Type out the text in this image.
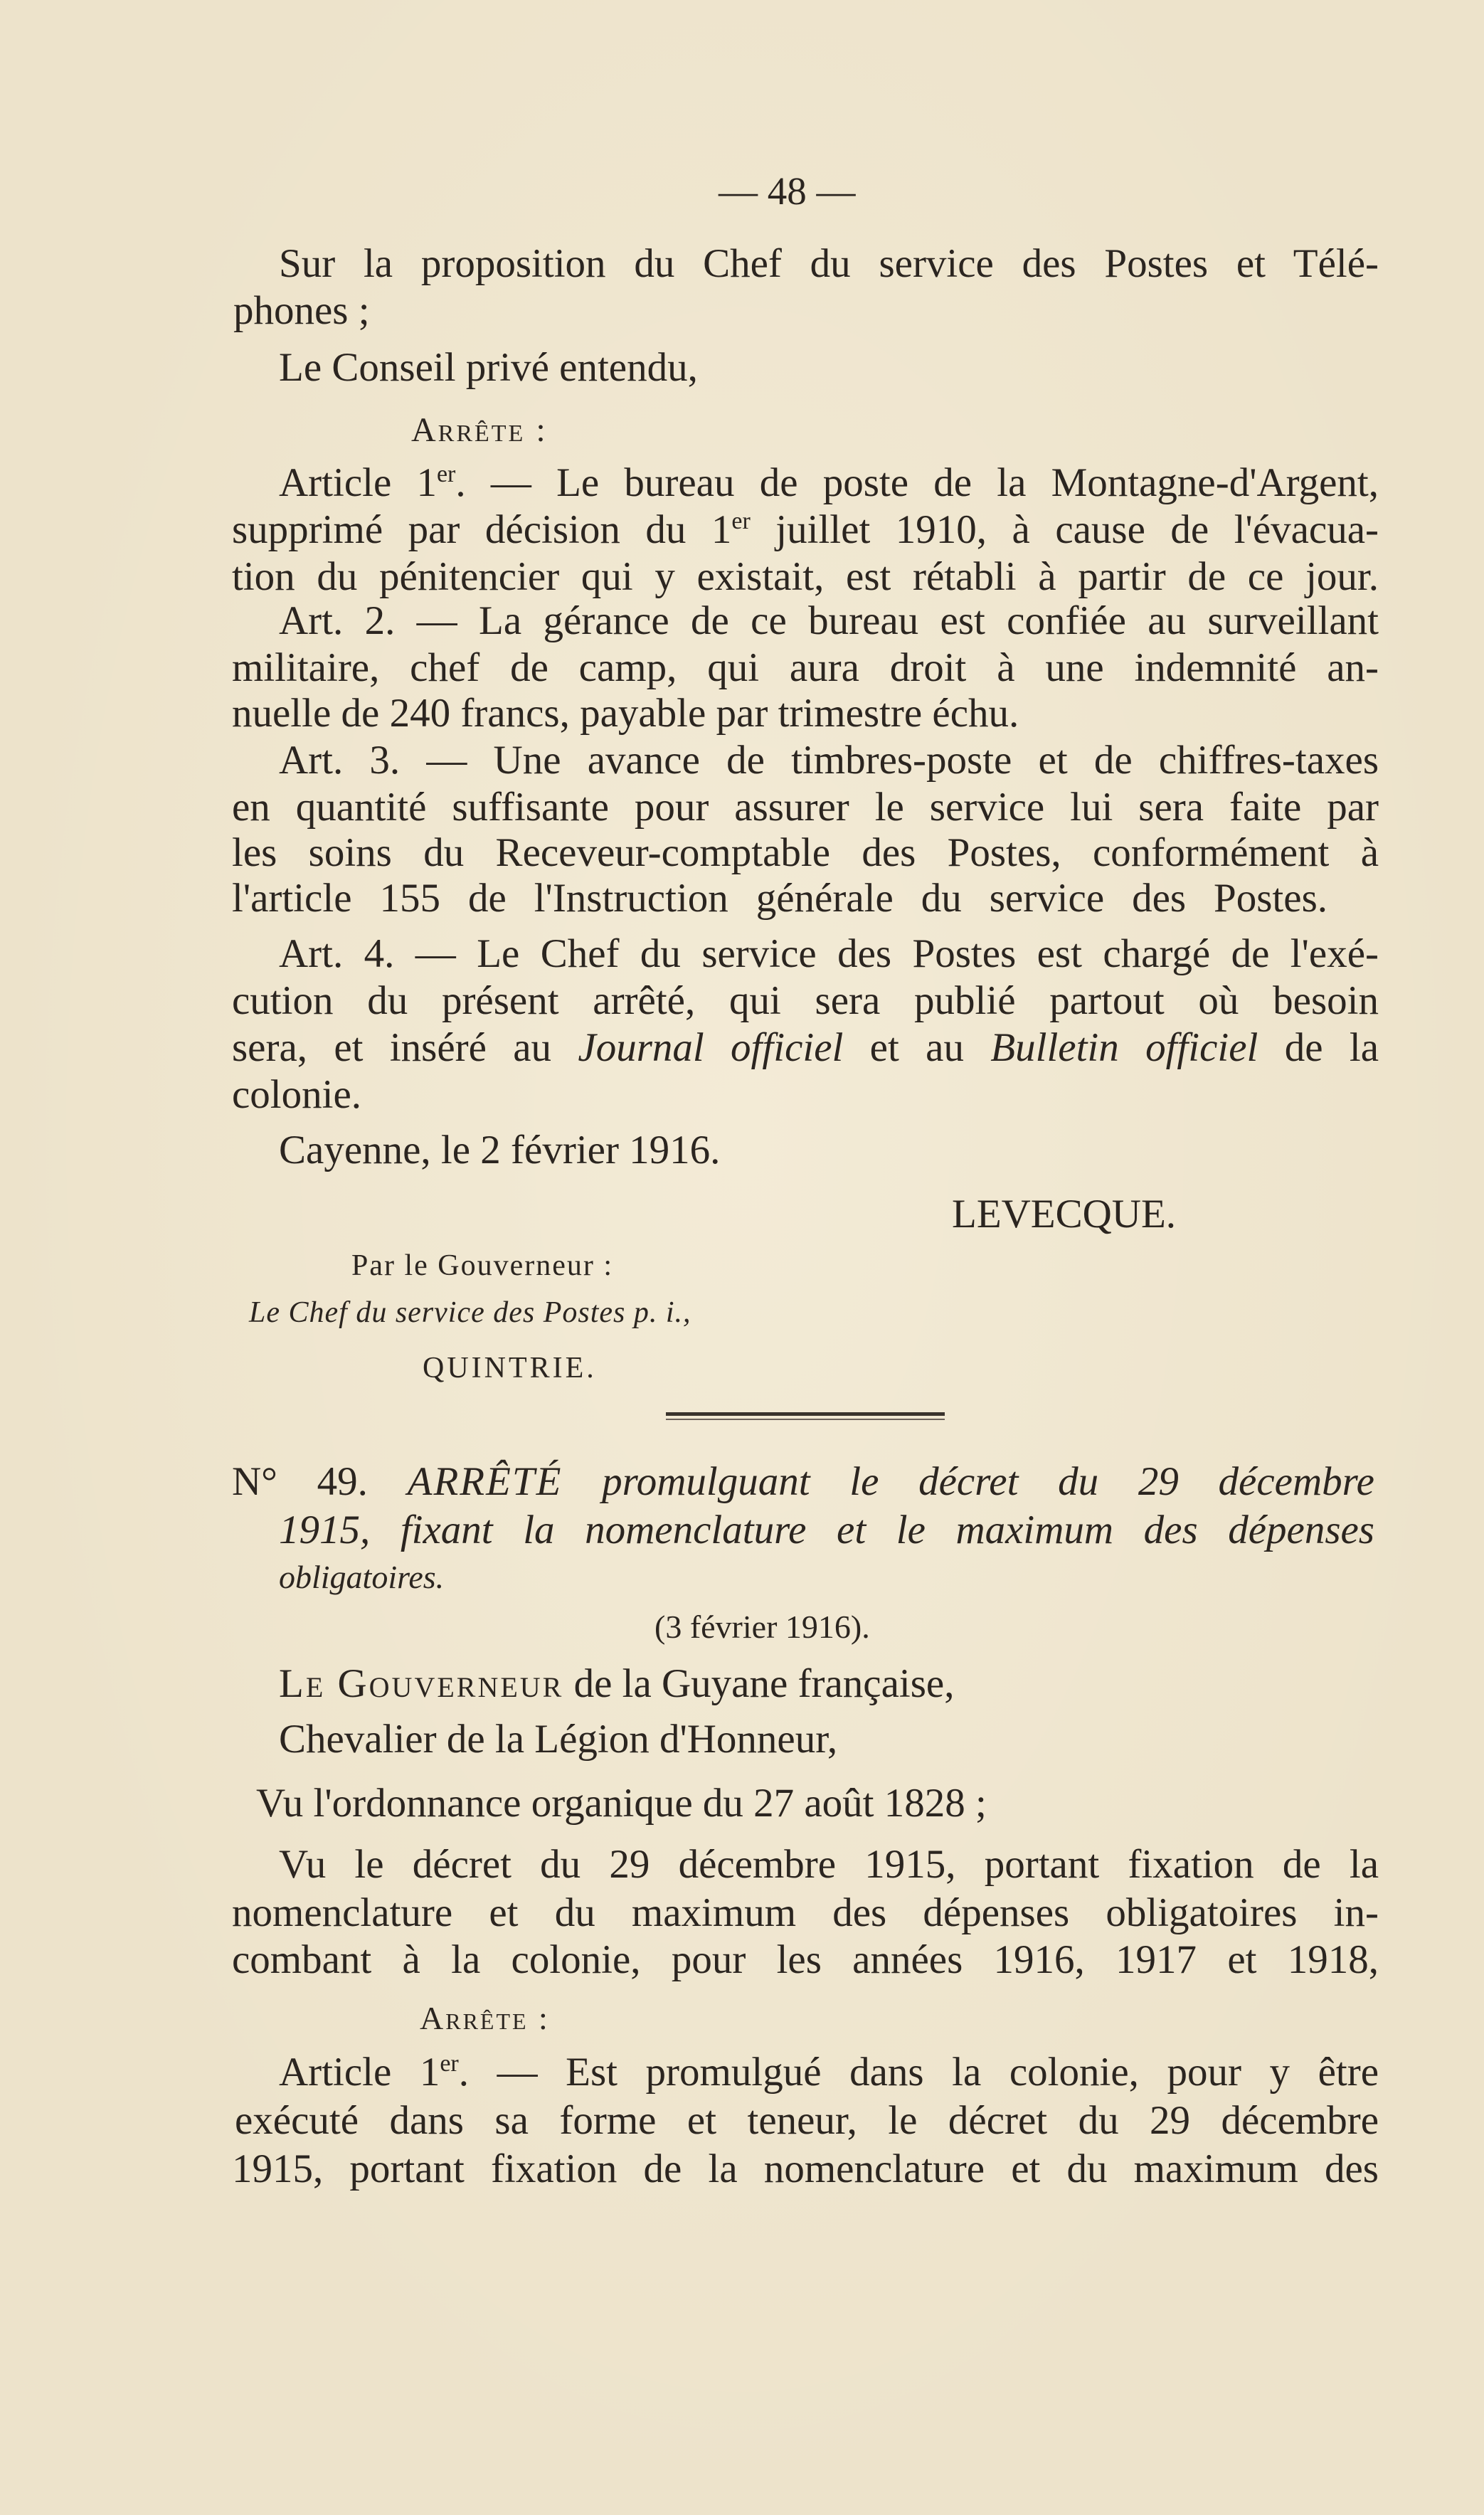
— 48 —
Sur la proposition du Chef du service des Postes et Télé-
phones ;
Le Conseil privé entendu,
Arrête :
Article 1er. — Le bureau de poste de la Montagne-d'Argent,
supprimé par décision du 1er juillet 1910, à cause de l'évacua-
tion du pénitencier qui y existait, est rétabli à partir de ce jour.
Art. 2. — La gérance de ce bureau est confiée au surveillant
militaire, chef de camp, qui aura droit à une indemnité an-
nuelle de 240 francs, payable par trimestre échu.
Art. 3. — Une avance de timbres-poste et de chiffres-taxes
en quantité suffisante pour assurer le service lui sera faite par
les soins du Receveur-comptable des Postes, conformément à
l'article 155 de l'Instruction générale du service des Postes.
Art. 4. — Le Chef du service des Postes est chargé de l'exé-
cution du présent arrêté, qui sera publié partout où besoin
sera, et inséré au Journal officiel et au Bulletin officiel de la
colonie.
Cayenne, le 2 février 1916.
LEVECQUE.
Par le Gouverneur :
Le Chef du service des Postes p. i.,
QUINTRIE.
N° 49. ARRÊTÉ promulguant le décret du 29 décembre
1915, fixant la nomenclature et le maximum des dépenses
obligatoires.
(3 février 1916).
Le Gouverneur de la Guyane française,
Chevalier de la Légion d'Honneur,
Vu l'ordonnance organique du 27 août 1828 ;
Vu le décret du 29 décembre 1915, portant fixation de la
nomenclature et du maximum des dépenses obligatoires in-
combant à la colonie, pour les années 1916, 1917 et 1918,
Arrête :
Article 1er. — Est promulgué dans la colonie, pour y être
exécuté dans sa forme et teneur, le décret du 29 décembre
1915, portant fixation de la nomenclature et du maximum des
